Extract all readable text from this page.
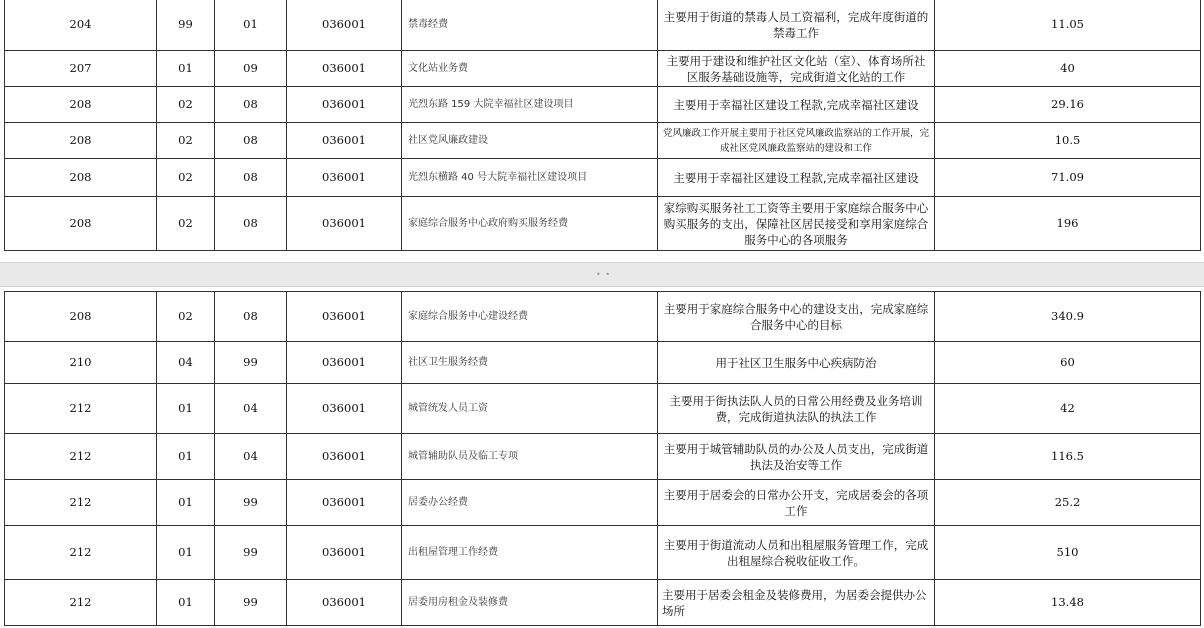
204	99	01	036001	禁毒经费	主要用于街道的禁毒人员工资福利，完成年度街道的禁毒工作	11.05
207	01	09	036001	文化站业务费	主要用于建设和维护社区文化站（室）、体育场所社区服务基础设施等，完成街道文化站的工作	40
208	02	08	036001	光烈东路 159 大院幸福社区建设项目	主要用于幸福社区建设工程款,完成幸福社区建设	29.16
208	02	08	036001	社区党风廉政建设	党风廉政工作开展主要用于社区党风廉政监察站的工作开展，完成社区党风廉政监察站的建设和工作	10.5
208	02	08	036001	光烈东横路 40 号大院幸福社区建设项目	主要用于幸福社区建设工程款,完成幸福社区建设	71.09
208	02	08	036001	家庭综合服务中心政府购买服务经费	家综购买服务社工工资等主要用于家庭综合服务中心购买服务的支出，保障社区居民接受和享用家庭综合服务中心的各项服务	196
• •
208	02	08	036001	家庭综合服务中心建设经费	主要用于家庭综合服务中心的建设支出，完成家庭综合服务中心的目标	340.9
210	04	99	036001	社区卫生服务经费	用于社区卫生服务中心疾病防治	60
212	01	04	036001	城管统发人员工资	主要用于街执法队人员的日常公用经费及业务培训费，完成街道执法队的执法工作	42
212	01	04	036001	城管辅助队员及临工专项	主要用于城管辅助队员的办公及人员支出，完成街道执法及治安等工作	116.5
212	01	99	036001	居委办公经费	主要用于居委会的日常办公开支，完成居委会的各项工作	25.2
212	01	99	036001	出租屋管理工作经费	主要用于街道流动人员和出租屋服务管理工作，完成出租屋综合税收征收工作。	510
212	01	99	036001	居委用房租金及装修费	主要用于居委会租金及装修费用，为居委会提供办公场所	13.48
